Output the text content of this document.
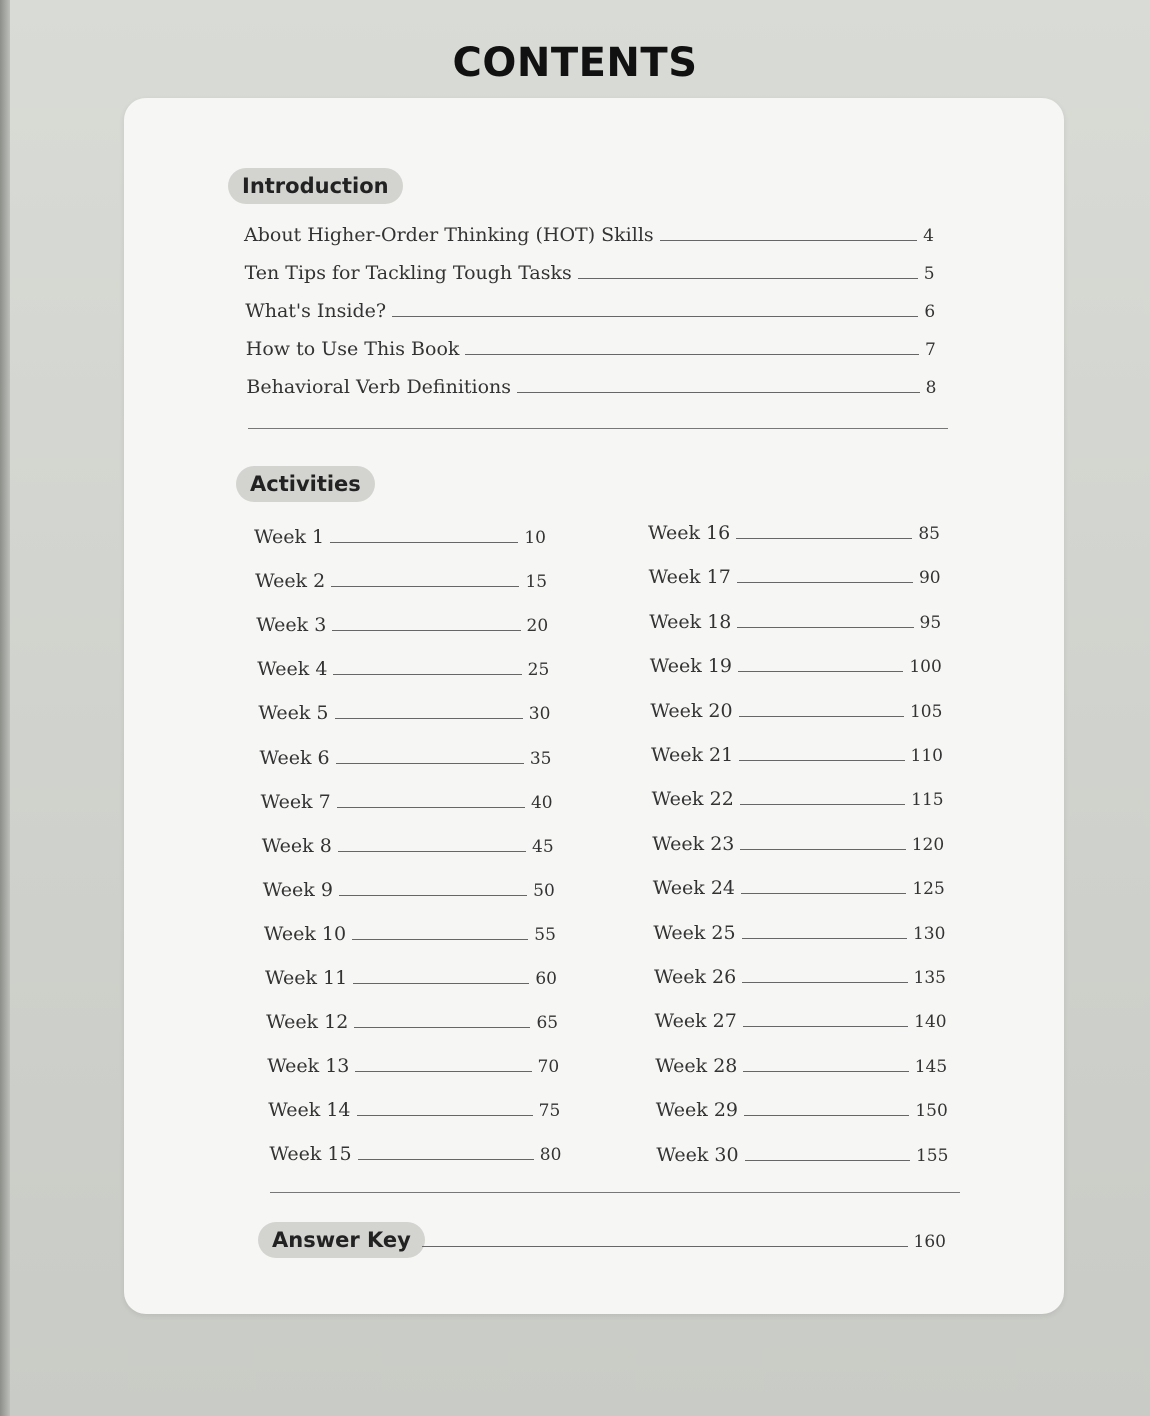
CONTENTS
Introduction
About Higher-Order Thinking (HOT) Skills	4
Ten Tips for Tackling Tough Tasks	5
What's Inside?	6
How to Use This Book	7
Behavioral Verb Definitions	8
Activities
Week 1	10
Week 2	15
Week 3	20
Week 4	25
Week 5	30
Week 6	35
Week 7	40
Week 8	45
Week 9	50
Week 10	55
Week 11	60
Week 12	65
Week 13	70
Week 14	75
Week 15	80
Week 16	85
Week 17	90
Week 18	95
Week 19	100
Week 20	105
Week 21	110
Week 22	115
Week 23	120
Week 24	125
Week 25	130
Week 26	135
Week 27	140
Week 28	145
Week 29	150
Week 30	155
Answer Key	160
